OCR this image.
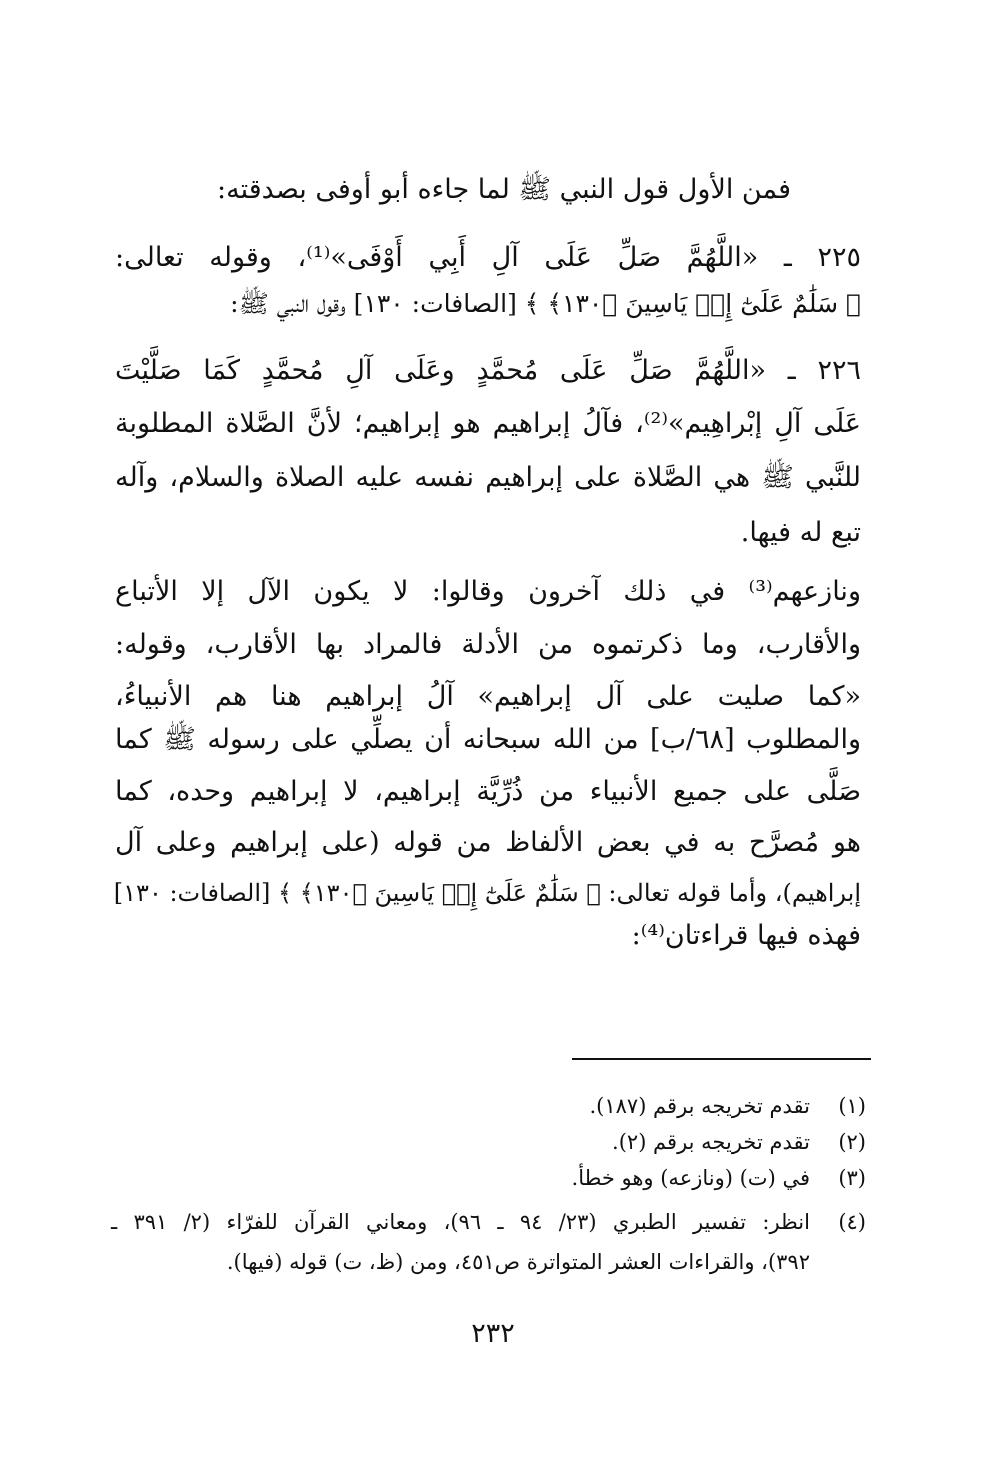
فمن الأول قول النبي ﷺ لما جاءه أبو أوفى بصدقته:
٢٢٥ ـ «اللَّهُمَّ صَلِّ عَلَى آلِ أَبِي أَوْفَى»⁽¹⁾، وقوله تعالى:
﴿ سَلَٰمٌ عَلَىٰٓ إِلۡ يَاسِينَ ﴿١٣٠﴾ ﴾ [الصافات: ١٣٠] وقول النبي ﷺ:
٢٢٦ ـ «اللَّهُمَّ صَلِّ عَلَى مُحمَّدٍ وعَلَى آلِ مُحمَّدٍ كَمَا صَلَّيْتَ
عَلَى آلِ إبْراهِيم»⁽²⁾، فآلُ إبراهيم هو إبراهيم؛ لأنَّ الصَّلاة المطلوبة
للنَّبي ﷺ هي الصَّلاة على إبراهيم نفسه عليه الصلاة والسلام، وآله
تبع له فيها.
ونازعهم⁽³⁾ في ذلك آخرون وقالوا: لا يكون الآل إلا الأتباع
والأقارب، وما ذكرتموه من الأدلة فالمراد بها الأقارب، وقوله:
«كما صليت على آل إبراهيم» آلُ إبراهيم هنا هم الأنبياءُ،
والمطلوب [٦٨/ب] من الله سبحانه أن يصلِّي على رسوله ﷺ كما
صَلَّى على جميع الأنبياء من ذُرِّيَّة إبراهيم، لا إبراهيم وحده، كما
هو مُصرَّح به في بعض الألفاظ من قوله (على إبراهيم وعلى آل
إبراهيم)، وأما قوله تعالى: ﴿ سَلَٰمٌ عَلَىٰٓ إِلۡ يَاسِينَ ﴿١٣٠﴾ ﴾ [الصافات: ١٣٠]
فهذه فيها قراءتان⁽⁴⁾:
(١)
تقدم تخريجه برقم (١٨٧).
(٢)
تقدم تخريجه برقم (٢).
(٣)
في (ت) (ونازعه) وهو خطأ.
(٤)
انظر: تفسير الطبري (٢٣/ ٩٤ ـ ٩٦)، ومعاني القرآن للفرّاء (٢/ ٣٩١ ـ
٣٩٢)، والقراءات العشر المتواترة ص٤٥١، ومن (ظ، ت) قوله (فيها).
٢٣٢
